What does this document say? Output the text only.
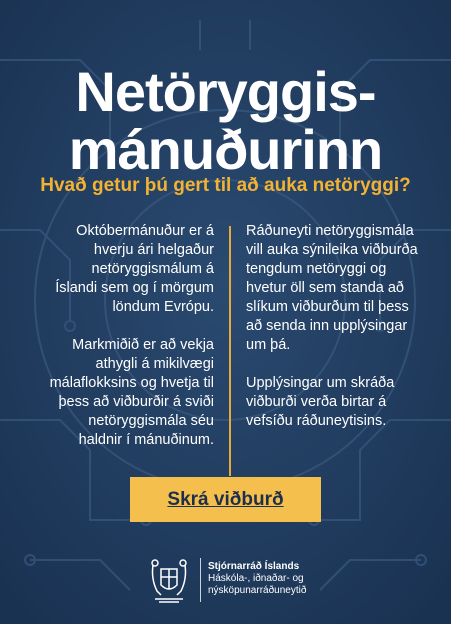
Netöryggis-
mánuðurinn
Hvað getur þú gert til að auka netöryggi?

Októbermánuður er á hverju ári helgaður netöryggismálum á Íslandi sem og í mörgum löndum Evrópu.

Markmiðið er að vekja athygli á mikilvægi málaflokksins og hvetja til þess að viðburðir á sviði netöryggismála séu haldnir í mánuðinum.

Ráðuneyti netöryggismála vill auka sýnileika viðburða tengdum netöryggi og hvetur öll sem standa að slíkum viðburðum til þess að senda inn upplýsingar um þá.

Upplýsingar um skráða viðburði verða birtar á vefsíðu ráðuneytisins.

Skrá viðburð
Stjórnarráð Íslands
Háskóla-, iðnaðar- og
nýsköpunarráðuneytið
